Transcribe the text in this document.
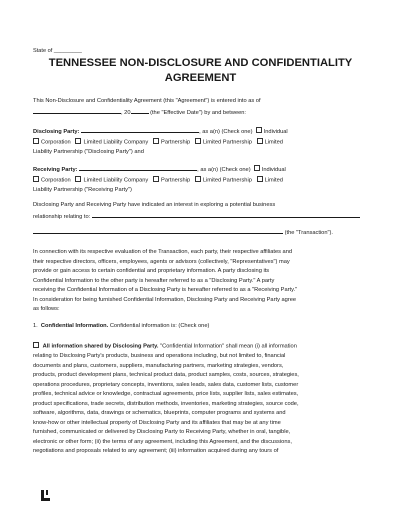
State of _________
TENNESSEE NON-DISCLOSURE AND CONFIDENTIALITY
AGREEMENT
This Non-Disclosure and Confidentiality Agreement (this "Agreement") is entered into as of
, 20	(the "Effective Date") by and between:
Disclosing Party:	, as a(n) (Check one) Individual
Corporation Limited Liability Company Partnership Limited Partnership Limited
Liability Partnership ("Disclosing Party") and
Receiving Party:	, as a(n) (Check one) Individual
Corporation Limited Liability Company Partnership Limited Partnership Limited
Liability Partnership ("Receiving Party")
Disclosing Party and Receiving Party have indicated an interest in exploring a potential business
relationship relating to:
(the "Transaction").
In connection with its respective evaluation of the Transaction, each party, their respective affiliates and
their respective directors, officers, employees, agents or advisors (collectively, "Representatives") may
provide or gain access to certain confidential and proprietary information. A party disclosing its
Confidential Information to the other party is hereafter referred to as a "Disclosing Party." A party
receiving the Confidential Information of a Disclosing Party is hereafter referred to as a "Receiving Party."
In consideration for being furnished Confidential Information, Disclosing Party and Receiving Party agree
as follows:
1. Confidential Information. Confidential information is: (Check one)
All information shared by Disclosing Party. "Confidential Information" shall mean (i) all information
relating to Disclosing Party's products, business and operations including, but not limited to, financial
documents and plans, customers, suppliers, manufacturing partners, marketing strategies, vendors,
products, product development plans, technical product data, product samples, costs, sources, strategies,
operations procedures, proprietary concepts, inventions, sales leads, sales data, customer lists, customer
profiles, technical advice or knowledge, contractual agreements, price lists, supplier lists, sales estimates,
product specifications, trade secrets, distribution methods, inventories, marketing strategies, source code,
software, algorithms, data, drawings or schematics, blueprints, computer programs and systems and
know-how or other intellectual property of Disclosing Party and its affiliates that may be at any time
furnished, communicated or delivered by Disclosing Party to Receiving Party, whether in oral, tangible,
electronic or other form; (ii) the terms of any agreement, including this Agreement, and the discussions,
negotiations and proposals related to any agreement; (iii) information acquired during any tours of
